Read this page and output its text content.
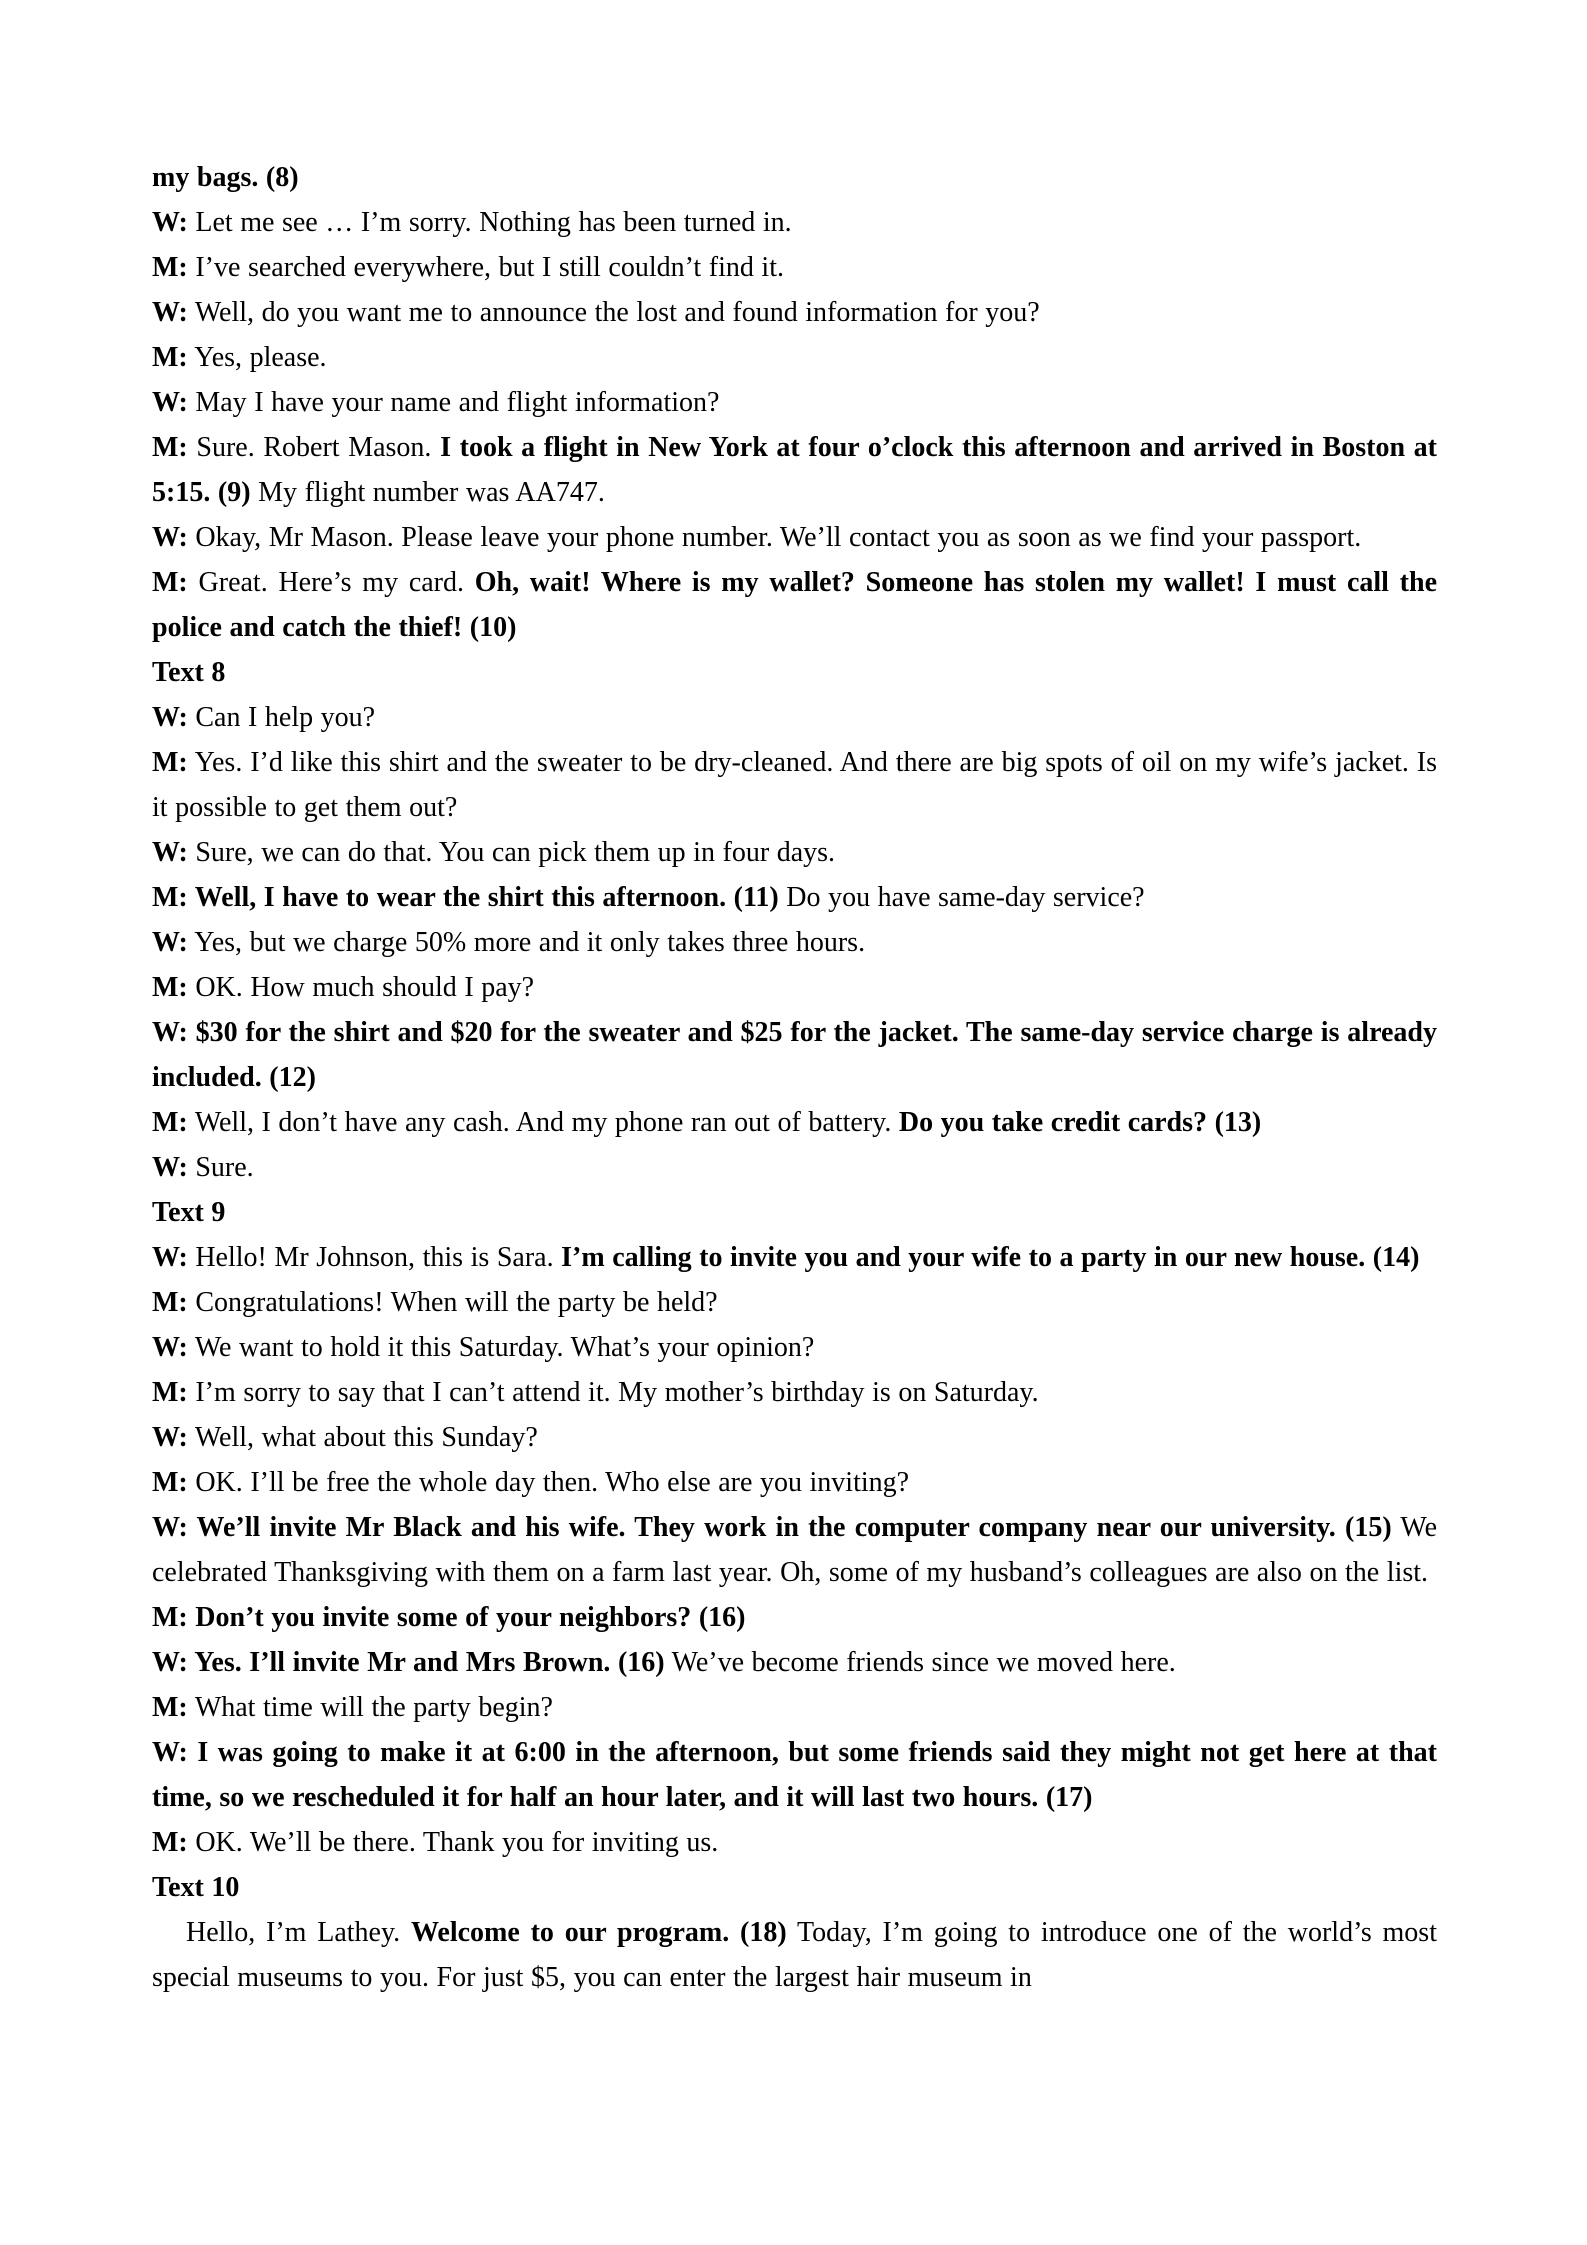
my bags. (8)

W: Let me see … I’m sorry. Nothing has been turned in.

M: I’ve searched everywhere, but I still couldn’t find it.

W: Well, do you want me to announce the lost and found information for you?

M: Yes, please.

W: May I have your name and flight information?

M: Sure. Robert Mason. I took a flight in New York at four o’clock this afternoon and arrived in Boston at 5:15. (9) My flight number was AA747.

W: Okay, Mr Mason. Please leave your phone number. We’ll contact you as soon as we find your passport.

M: Great. Here’s my card. Oh, wait! Where is my wallet? Someone has stolen my wallet! I must call the police and catch the thief! (10)

Text 8

W: Can I help you?

M: Yes. I’d like this shirt and the sweater to be dry-cleaned. And there are big spots of oil on my wife’s jacket. Is it possible to get them out?

W: Sure, we can do that. You can pick them up in four days.

M: Well, I have to wear the shirt this afternoon. (11) Do you have same-day service?

W: Yes, but we charge 50% more and it only takes three hours.

M: OK. How much should I pay?

W: $30 for the shirt and $20 for the sweater and $25 for the jacket. The same-day service charge is already included. (12)

M: Well, I don’t have any cash. And my phone ran out of battery. Do you take credit cards? (13)

W: Sure.

Text 9

W: Hello! Mr Johnson, this is Sara. I’m calling to invite you and your wife to a party in our new house. (14)

M: Congratulations! When will the party be held?

W: We want to hold it this Saturday. What’s your opinion?

M: I’m sorry to say that I can’t attend it. My mother’s birthday is on Saturday.

W: Well, what about this Sunday?

M: OK. I’ll be free the whole day then. Who else are you inviting?

W: We’ll invite Mr Black and his wife. They work in the computer company near our university. (15) We celebrated Thanksgiving with them on a farm last year. Oh, some of my husband’s colleagues are also on the list.

M: Don’t you invite some of your neighbors? (16)

W: Yes. I’ll invite Mr and Mrs Brown. (16) We’ve become friends since we moved here.

M: What time will the party begin?

W: I was going to make it at 6:00 in the afternoon, but some friends said they might not get here at that time, so we rescheduled it for half an hour later, and it will last two hours. (17)

M: OK. We’ll be there. Thank you for inviting us.

Text 10

Hello, I’m Lathey. Welcome to our program. (18) Today, I’m going to introduce one of the world’s most special museums to you. For just $5, you can enter the largest hair museum in
